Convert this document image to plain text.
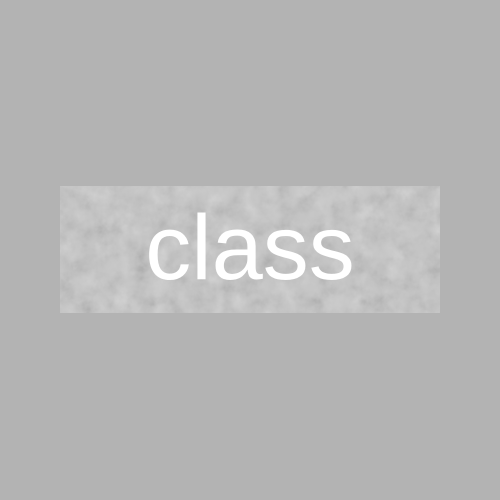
class
